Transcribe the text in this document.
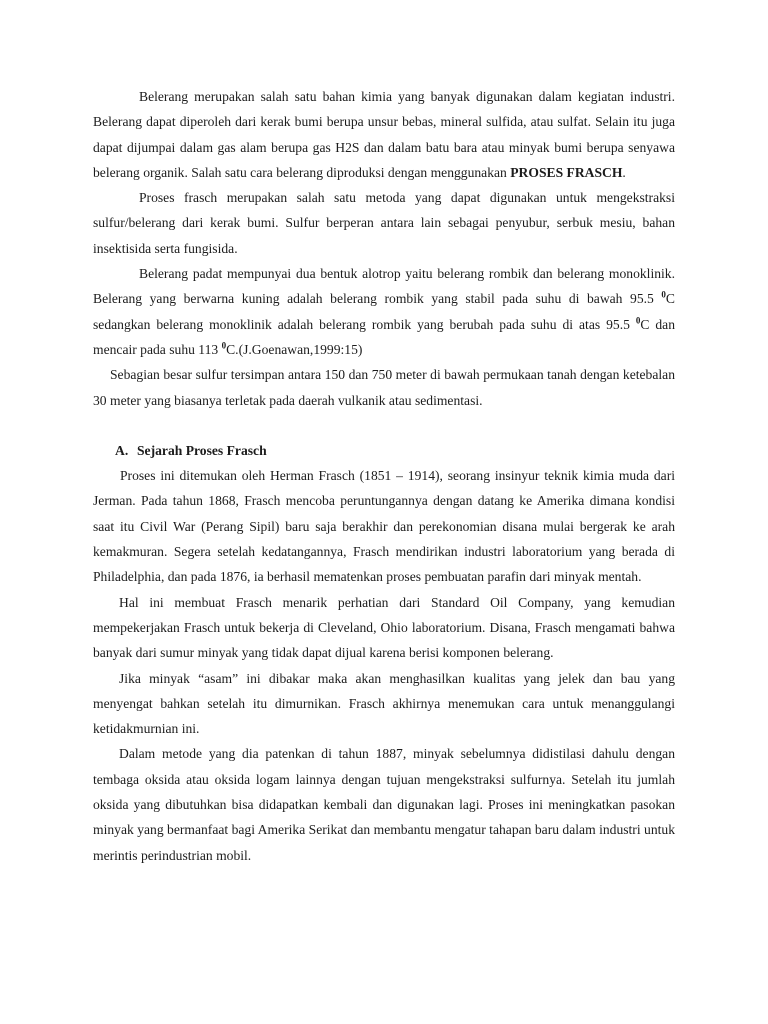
Belerang merupakan salah satu bahan kimia yang banyak digunakan dalam kegiatan industri. Belerang dapat diperoleh dari kerak bumi berupa unsur bebas, mineral sulfida, atau sulfat. Selain itu juga dapat dijumpai dalam gas alam berupa gas H2S dan dalam batu bara atau minyak bumi berupa senyawa belerang organik. Salah satu cara belerang diproduksi dengan menggunakan PROSES FRASCH.

Proses frasch merupakan salah satu metoda yang dapat digunakan untuk mengekstraksi sulfur/belerang dari kerak bumi. Sulfur berperan antara lain sebagai penyubur, serbuk mesiu, bahan insektisida serta fungisida.

Belerang padat mempunyai dua bentuk alotrop yaitu belerang rombik dan belerang monoklinik. Belerang yang berwarna kuning adalah belerang rombik yang stabil pada suhu di bawah 95.5 $^0$C sedangkan belerang monoklinik adalah belerang rombik yang berubah pada suhu di atas 95.5 $^0$C dan mencair pada suhu 113 $^0$C.(J.Goenawan,1999:15)

Sebagian besar sulfur tersimpan antara 150 dan 750 meter di bawah permukaan tanah dengan ketebalan 30 meter yang biasanya terletak pada daerah vulkanik atau sedimentasi.

A. Sejarah Proses Frasch

Proses ini ditemukan oleh Herman Frasch (1851 – 1914), seorang insinyur teknik kimia muda dari Jerman. Pada tahun 1868, Frasch mencoba peruntungannya dengan datang ke Amerika dimana kondisi saat itu Civil War (Perang Sipil) baru saja berakhir dan perekonomian disana mulai bergerak ke arah kemakmuran. Segera setelah kedatangannya, Frasch mendirikan industri laboratorium yang berada di Philadelphia, dan pada 1876, ia berhasil mematenkan proses pembuatan parafin dari minyak mentah.

Hal ini membuat Frasch menarik perhatian dari Standard Oil Company, yang kemudian mempekerjakan Frasch untuk bekerja di Cleveland, Ohio laboratorium. Disana, Frasch mengamati bahwa banyak dari sumur minyak yang tidak dapat dijual karena berisi komponen belerang.

Jika minyak “asam” ini dibakar maka akan menghasilkan kualitas yang jelek dan bau yang menyengat bahkan setelah itu dimurnikan. Frasch akhirnya menemukan cara untuk menanggulangi ketidakmurnian ini.

Dalam metode yang dia patenkan di tahun 1887, minyak sebelumnya didistilasi dahulu dengan tembaga oksida atau oksida logam lainnya dengan tujuan mengekstraksi sulfurnya. Setelah itu jumlah oksida yang dibutuhkan bisa didapatkan kembali dan digunakan lagi. Proses ini meningkatkan pasokan minyak yang bermanfaat bagi Amerika Serikat dan membantu mengatur tahapan baru dalam industri untuk merintis perindustrian mobil.
